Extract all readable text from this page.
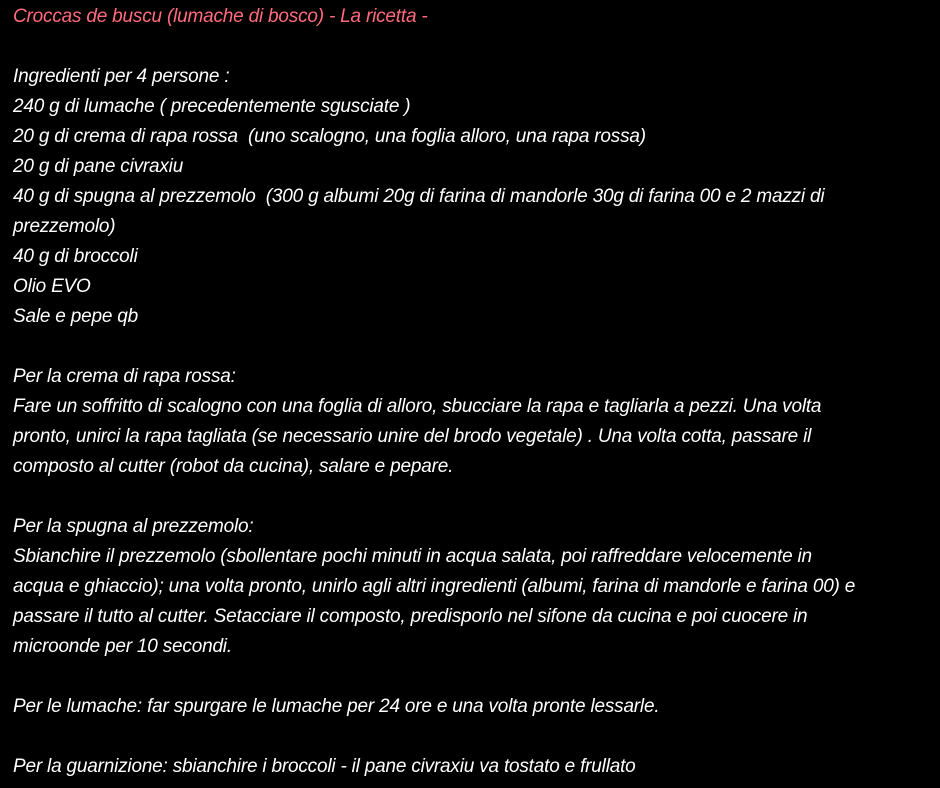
Croccas de buscu (lumache di bosco) - La ricetta -
Ingredienti per 4 persone :
240 g di lumache ( precedentemente sgusciate )
20 g di crema di rapa rossa  (uno scalogno, una foglia alloro, una rapa rossa)
20 g di pane civraxiu
40 g di spugna al prezzemolo  (300 g albumi 20g di farina di mandorle 30g di farina 00 e 2 mazzi di
prezzemolo)
40 g di broccoli
Olio EVO
Sale e pepe qb
Per la crema di rapa rossa:
Fare un soffritto di scalogno con una foglia di alloro, sbucciare la rapa e tagliarla a pezzi. Una volta
pronto, unirci la rapa tagliata (se necessario unire del brodo vegetale) . Una volta cotta, passare il
composto al cutter (robot da cucina), salare e pepare.
Per la spugna al prezzemolo:
Sbianchire il prezzemolo (sbollentare pochi minuti in acqua salata, poi raffreddare velocemente in
acqua e ghiaccio); una volta pronto, unirlo agli altri ingredienti (albumi, farina di mandorle e farina 00) e
passare il tutto al cutter. Setacciare il composto, predisporlo nel sifone da cucina e poi cuocere in
microonde per 10 secondi.
Per le lumache: far spurgare le lumache per 24 ore e una volta pronte lessarle.
Per la guarnizione: sbianchire i broccoli - il pane civraxiu va tostato e frullato
